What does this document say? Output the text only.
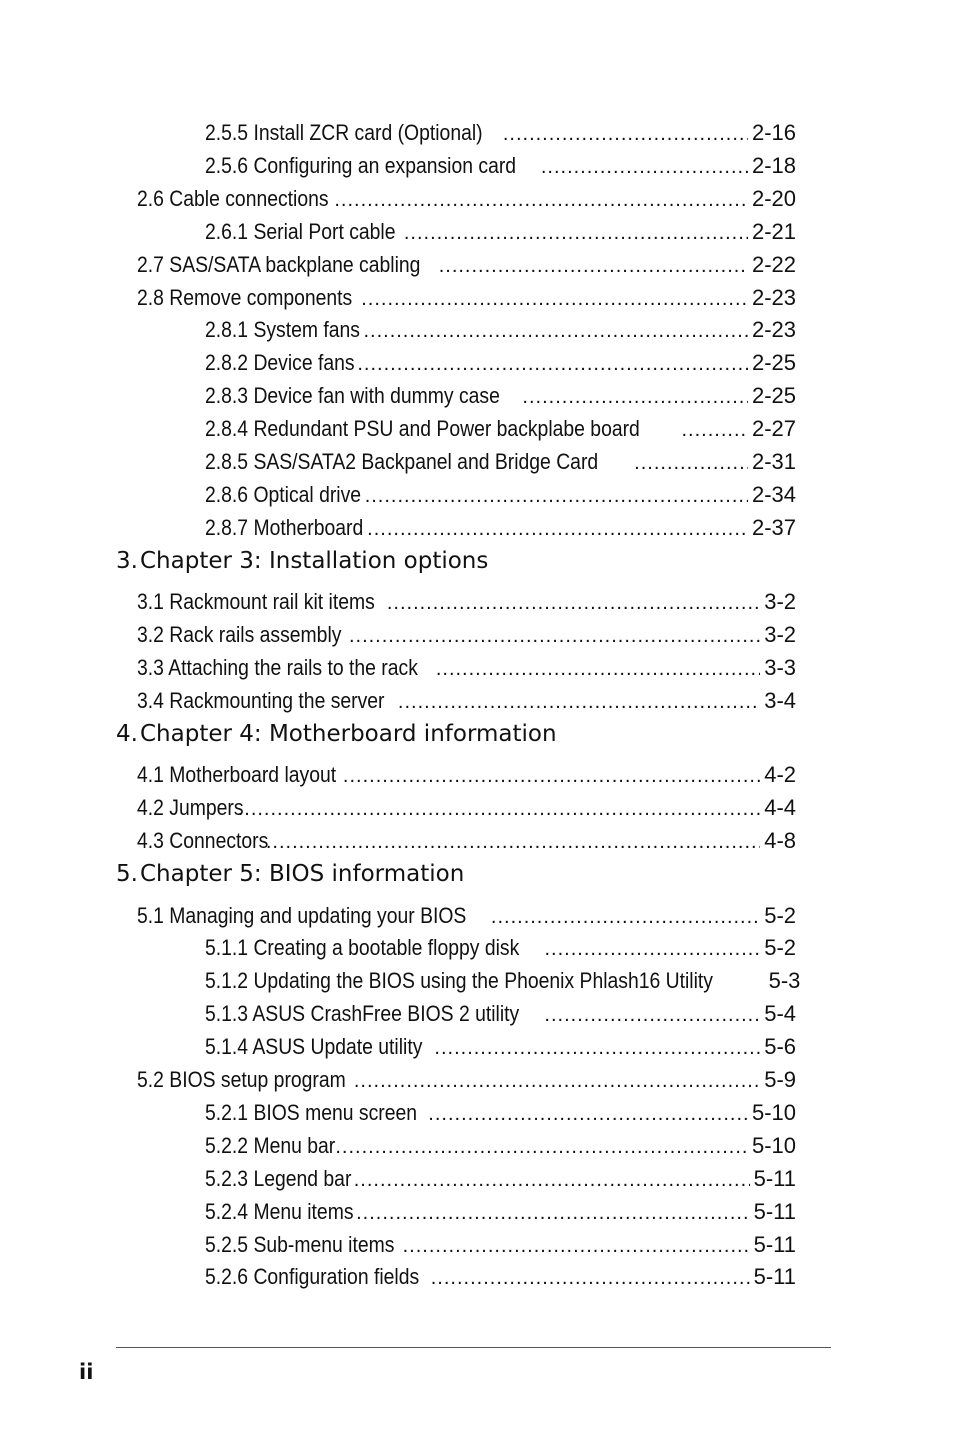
2.5.5 Install ZCR card (Optional) .....	2-16
2.5.6 Configuring an expansion card .....	2-18
2.6 Cable connections .....	2-20
2.6.1 Serial Port cable .....	2-21
2.7 SAS/SATA backplane cabling .....	2-22
2.8 Remove components .....	2-23
2.8.1 System fans .....	2-23
2.8.2 Device fans .....	2-25
2.8.3 Device fan with dummy case .....	2-25
2.8.4 Redundant PSU and Power backplabe board .....	2-27
2.8.5 SAS/SATA2 Backpanel and Bridge Card .....	2-31
2.8.6 Optical drive .....	2-34
2.8.7 Motherboard .....	2-37
3.Chapter 3: Installation options
3.1 Rackmount rail kit items .....	3-2
3.2 Rack rails assembly .....	3-2
3.3 Attaching the rails to the rack .....	3-3
3.4 Rackmounting the server .....	3-4
4.Chapter 4: Motherboard information
4.1 Motherboard layout .....	4-2
4.2 Jumpers .....	4-4
4.3 Connectors .....	4-8
5.Chapter 5: BIOS information
5.1 Managing and updating your BIOS .....	5-2
5.1.1 Creating a bootable floppy disk .....	5-2
5.1.2 Updating the BIOS using the Phoenix Phlash16 Utility	5-3
5.1.3 ASUS CrashFree BIOS 2 utility .....	5-4
5.1.4 ASUS Update utility .....	5-6
5.2 BIOS setup program .....	5-9
5.2.1 BIOS menu screen .....	5-10
5.2.2 Menu bar .....	5-10
5.2.3 Legend bar .....	5-11
5.2.4 Menu items .....	5-11
5.2.5 Sub-menu items .....	5-11
5.2.6 Configuration fields .....	5-11
ii
